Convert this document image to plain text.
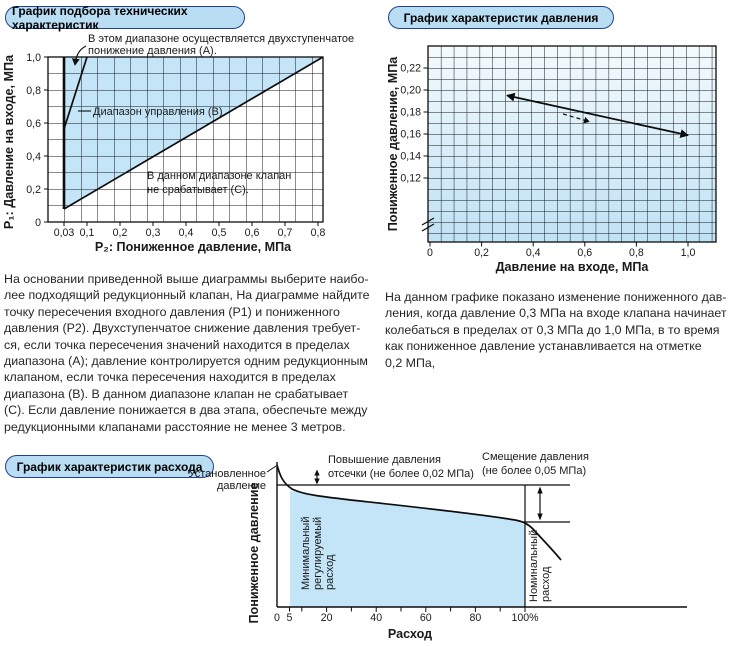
График подбора технических характеристик
В этом диапазоне осуществляется двухступенчатое
понижение давления (А).
Диапазон управления (В)
В данном диапазоне клапан
не срабатывает (С).
0,03 0,1 0,2 0,3 0,4 0,5 0,6 0,7 0,8
1,0
0,8
0,6
0,4
0,2
0
P₁: Давление на входе, МПа
P₂: Пониженное давление, МПа
График характеристик давления
0,22
0,20
0,18
0,16
0,14
0,12
0	0,2	0,4	0,6	0,8	1,0
Пониженное давление, МПа
Давление на входе, МПа
На основании приведенной выше диаграммы выберите наибо-
лее подходящий редукционный клапан, На диаграмме найдите
точку пересечения входного давления (P1) и пониженного
давления (P2). Двухступенчатое снижение давления требует-
ся, если точка пересечения значений находится в пределах
диапазона (А); давление контролируется одним редукционным
клапаном, если точка пересечения находится в пределах
диапазона (В). В данном диапазоне клапан не срабатывает
(С). Если давление понижается в два этапа, обеспечьте между
редукционными клапанами расстояние не менее 3 метров.
На данном графике показано изменение пониженного дав-
ления, когда давление 0,3 МПа на входе клапана начинает
колебаться в пределах от 0,3 МПа до 1,0 МПа, в то время
как пониженное давление устанавливается на отметке
0,2 МПа,
График характеристик расхода	Повышение давления
отсечки (не более 0,02 МПа)
Смещение давления
(не более 0,05 МПа)
Установленное
давление
Минимальный регулируемый расход	Номинальный расход
0 5	20	40	60	80	100%
Пониженное давление
Расход
